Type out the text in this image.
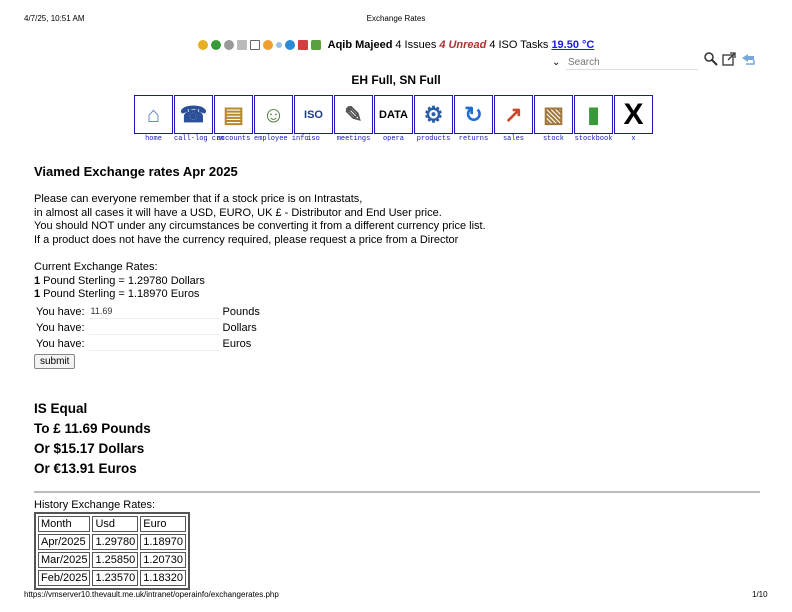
4/7/25, 10:51 AM	Exchange Rates
Aqib Majeed 4 Issues 4 Unread 4 ISO Tasks 19.50 °C
⌄
Search
EH Full, SN Full
⌂
home
☎
call-log crm
▤
accounts
☺
employee info
ISO
iso
✎
meetings
DATA
opera
⚙
products
↻
returns
↗
sales
▧
stock
▮
stockbook
X
x
Viamed Exchange rates Apr 2025

Please can everyone remember that if a stock price is on Intrastats,

in almost all cases it will have a USD, EURO, UK £ - Distributor and End User price.

You should NOT under any circumstances be converting it from a different currency price list.

If a product does not have the currency required, please request a price from a Director

Current Exchange Rates:
1 Pound Sterling = 1.29780 Dollars
1 Pound Sterling = 1.18970 Euros
You have:	11.69	Pounds
You have:		Dollars
You have:		Euros
submit
IS Equal
To £ 11.69 Pounds
Or $15.17 Dollars
Or €13.91 Euros
History Exchange Rates:
Month	Usd	Euro
Apr/2025	1.29780	1.18970
Mar/2025	1.25850	1.20730
Feb/2025	1.23570	1.18320
https://vmserver10.thevault.me.uk/intranet/operainfo/exchangerates.php	1/10
